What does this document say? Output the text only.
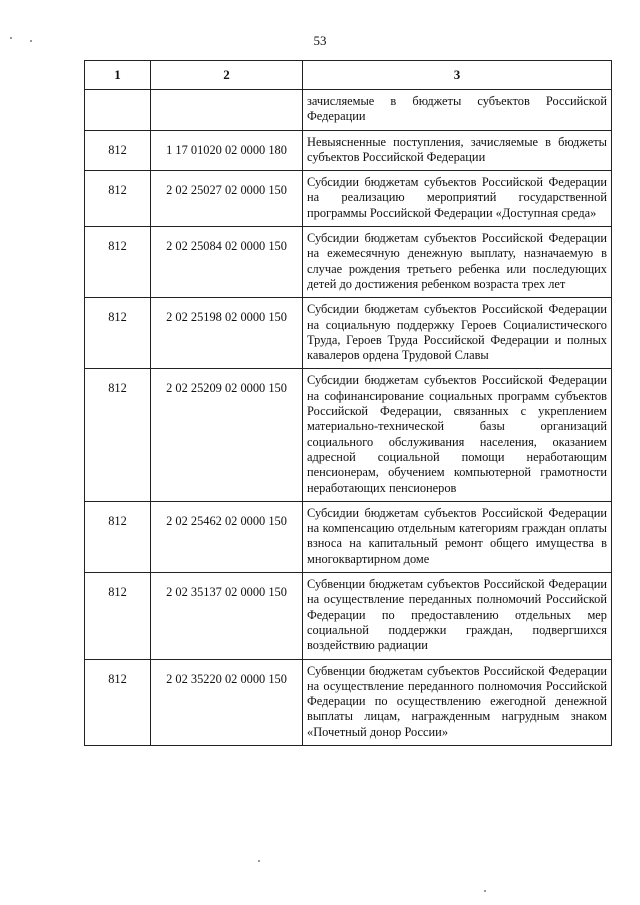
53
1	2	3

		зачисляемые в бюджеты субъектов Российской Федерации

812	1 17 01020 02 0000 180	Невыясненные поступления, зачисляемые в бюджеты субъектов Российской Федерации

812	2 02 25027 02 0000 150	Субсидии бюджетам субъектов Российской Федерации на реализацию мероприятий государственной программы Российской Федерации «Доступная среда»

812	2 02 25084 02 0000 150	Субсидии бюджетам субъектов Российской Федерации на ежемесячную денежную выплату, назначаемую в случае рождения третьего ребенка или последующих детей до достижения ребенком возраста трех лет

812	2 02 25198 02 0000 150	Субсидии бюджетам субъектов Российской Федерации на социальную поддержку Героев Социалистического Труда, Героев Труда Российской Федерации и полных кавалеров ордена Трудовой Славы

812	2 02 25209 02 0000 150	Субсидии бюджетам субъектов Российской Федерации на софинансирование социальных программ субъектов Российской Федерации, связанных с укреплением материально-технической базы организаций социального обслуживания населения, оказанием адресной социальной помощи неработающим пенсионерам, обучением компьютерной грамотности неработающих пенсионеров

812	2 02 25462 02 0000 150	Субсидии бюджетам субъектов Российской Федерации на компенсацию отдельным категориям граждан оплаты взноса на капитальный ремонт общего имущества в многоквартирном доме

812	2 02 35137 02 0000 150	Субвенции бюджетам субъектов Российской Федерации на осуществление переданных полномочий Российской Федерации по предоставлению отдельных мер социальной поддержки граждан, подвергшихся воздействию радиации

812	2 02 35220 02 0000 150	Субвенции бюджетам субъектов Российской Федерации на осуществление переданного полномочия Российской Федерации по осуществлению ежегодной денежной выплаты лицам, награжденным нагрудным знаком «Почетный донор России»
